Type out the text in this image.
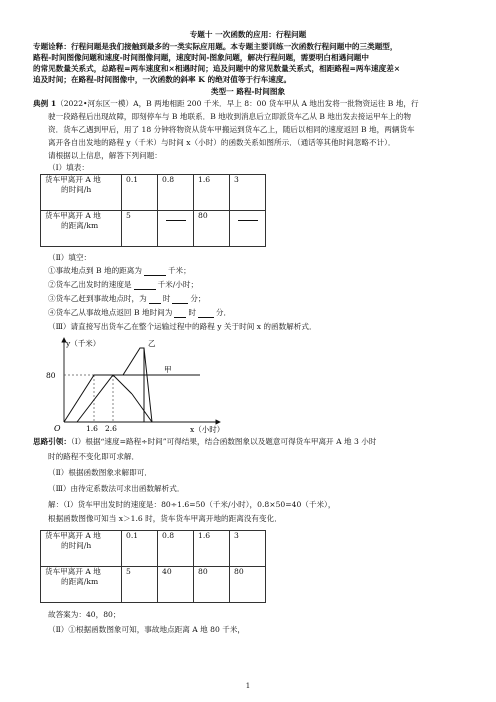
专题十 一次函数的应用：行程问题
专题诠释：行程问题是我们接触到最多的一类实际应用题。本专题主要训练一次函数行程问题中的三类题型，
路程-时间图像问题和速度-时间图像问题，速度时间-图象问题，解决行程问题，需要明白相遇问题中
的常见数量关系式，总路程=两车速度和×相遇时间；追及问题中的常见数量关系式，相距路程=两车速度差×
追及时间；在路程-时间图像中，一次函数的斜率 K 的绝对值等于行车速度。
类型一 路程-时间图象
典例 1（2022•河东区一模）A，B 两地相距 200 千米．早上 8：00 货车甲从 A 地出发将一批物资运往 B 地，行
驶一段路程后出现故障，即刻停车与 B 地联系．B 地收到消息后立即派货车乙从 B 地出发去接运甲车上的物
资．货车乙遇到甲后，用了 18 分钟将物资从货车甲搬运到货车乙上，随后以相同的速度返回 B 地，两辆货车
离开各自出发地的路程 y（千米）与时间 x（小时）的函数关系如图所示．（通话等其他时间忽略不计）．
请根据以上信息，解答下列问题：
（Ⅰ）填表：
货车甲离开 A 地
的时间/h	0.1	0.8	1.6	3

货车甲离开 A 地
的距离/km	5		80	
（Ⅱ）填空：
①事故地点到 B 地的距离为	千米；
②货车乙出发时的速度是	千米/小时；
③货车乙赶到事故地点时，为 时	分；
④货车乙从事故地点返回 B 地时间为 时	分．
（Ⅲ）请直接写出货车乙在整个运输过程中的路程 y 关于时间 x 的函数解析式．
y（千米）
x（小时）
O
80
1.6 2.6
甲
乙
思路引领：（Ⅰ）根据“速度=路程÷时间”可得结果，结合函数图象以及题意可得货车甲离开 A 地 3 小时
时的路程不变化即可求解．
（Ⅱ）根据函数图象求解即可．
（Ⅲ）由待定系数法可求出函数解析式．
解：（Ⅰ）货车甲出发时的速度是：80÷1.6=50（千米/小时），0.8×50=40（千米），
根据函数图像可知当 x＞1.6 时，货车货车甲离开地的距离没有变化．
货车甲离开 A 地
的时间/h	0.1	0.8	1.6	3

货车甲离开 A 地
的距离/km	5	40	80	80
故答案为：40，80；
（Ⅱ）①根据函数图象可知，事故地点距离 A 地 80 千米，
1
